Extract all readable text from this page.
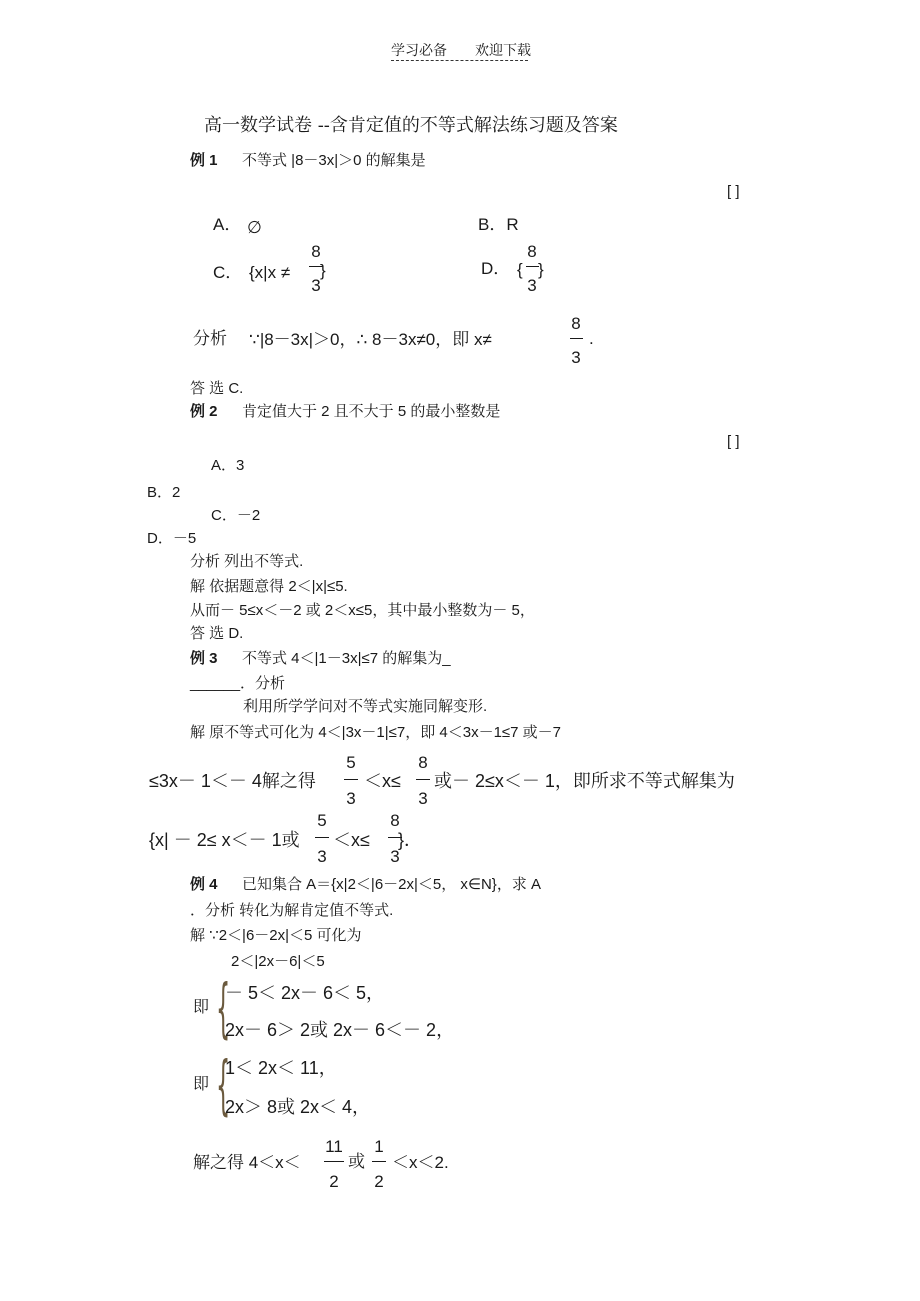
学习必备 欢迎下载
高一数学试卷 --含肯定值的不等式解法练习题及答案
例 1 不等式 |8－3x|＞0 的解集是
[ ]
A． ∅	B．R
C． {x|x ≠
8
3
}	D． {
8
3
}
分析 ∵|8－3x|＞0，∴ 8－3x≠0，即 x≠
8
3
.
答 选 C.
例 2 肯定值大于 2 且不大于 5 的最小整数是
[ ]
A．3
B．2
C．－2
D．－5
分析 列出不等式.
解 依据题意得 2＜|x|≤5.
从而－ 5≤x＜－2 或 2＜x≤5，其中最小整数为－ 5，
答 选 D.
例 3 不等式 4＜|1－3x|≤7 的解集为_
______．分析
利用所学学问对不等式实施同解变形.
解 原不等式可化为 4＜|3x－1|≤7，即 4＜3x－1≤7 或－7
≤3x－ 1＜－ 4解之得
5
3
＜x≤
8
3
或－ 2≤x＜－ 1，即所求不等式解集为
{x| － 2≤ x＜－ 1或
5
3
＜x≤
8
3
}．
例 4 已知集合 A＝{x|2＜|6－2x|＜5， x∈N}，求 A
．分析 转化为解肯定值不等式.
解 ∵2＜|6－2x|＜5 可化为
2＜|2x－6|＜5
即 {
－ 5＜ 2x－ 6＜ 5，
2x－ 6＞ 2或 2x－ 6＜－ 2，
即 {
1＜ 2x＜ 11，
2x＞ 8或 2x＜ 4，
解之得 4＜x＜
11
2
或
1
2
＜x＜2.
